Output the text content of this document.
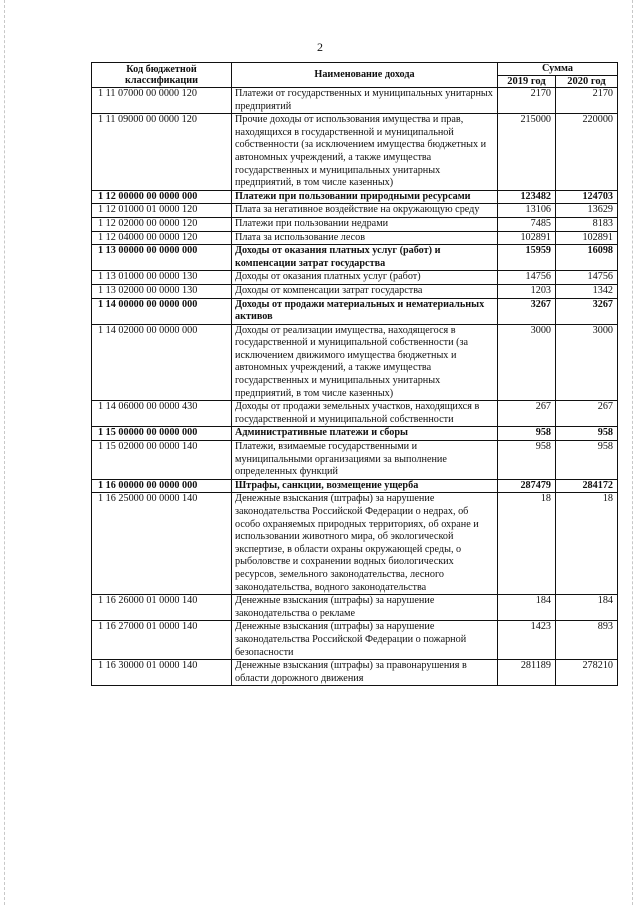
2
Код бюджетной классификации	Наименование дохода	Сумма	
		2019 год	2020 год
1 11 07000 00 0000 120	Платежи от государственных и муниципальных унитарных предприятий	2170	2170
1 11 09000 00 0000 120	Прочие доходы от использования имущества и прав, находящихся в государственной и муниципальной собственности (за исключением имущества бюджетных и автономных учреждений, а также имущества государственных и муниципальных унитарных предприятий, в том числе казенных)	215000	220000
1 12 00000 00 0000 000	Платежи при пользовании природными ресурсами	123482	124703
1 12 01000 01 0000 120	Плата за негативное воздействие на окружающую среду	13106	13629
1 12 02000 00 0000 120	Платежи при пользовании недрами	7485	8183
1 12 04000 00 0000 120	Плата за использование лесов	102891	102891
1 13 00000 00 0000 000	Доходы от оказания платных услуг (работ) и компенсации затрат государства	15959	16098
1 13 01000 00 0000 130	Доходы от оказания платных услуг (работ)	14756	14756
1 13 02000 00 0000 130	Доходы от компенсации затрат государства	1203	1342
1 14 00000 00 0000 000	Доходы от продажи материальных и нематериальных активов	3267	3267
1 14 02000 00 0000 000	Доходы от реализации имущества, находящегося в государственной и муниципальной собственности (за исключением движимого имущества бюджетных и автономных учреждений, а также имущества государственных и муниципальных унитарных предприятий, в том числе казенных)	3000	3000
1 14 06000 00 0000 430	Доходы от продажи земельных участков, находящихся в государственной и муниципальной собственности	267	267
1 15 00000 00 0000 000	Административные платежи и сборы	958	958
1 15 02000 00 0000 140	Платежи, взимаемые государственными и муниципальными организациями за выполнение определенных функций	958	958
1 16 00000 00 0000 000	Штрафы, санкции, возмещение ущерба	287479	284172
1 16 25000 00 0000 140	Денежные взыскания (штрафы) за нарушение законодательства Российской Федерации о недрах, об особо охраняемых природных территориях, об охране и использовании животного мира, об экологической экспертизе, в области охраны окружающей среды, о рыболовстве и сохранении водных биологических ресурсов, земельного законодательства, лесного законодательства, водного законодательства	18	18
1 16 26000 01 0000 140	Денежные взыскания (штрафы) за нарушение законодательства о рекламе	184	184
1 16 27000 01 0000 140	Денежные взыскания (штрафы) за нарушение законодательства Российской Федерации о пожарной безопасности	1423	893
1 16 30000 01 0000 140	Денежные взыскания (штрафы) за правонарушения в области дорожного движения	281189	278210
